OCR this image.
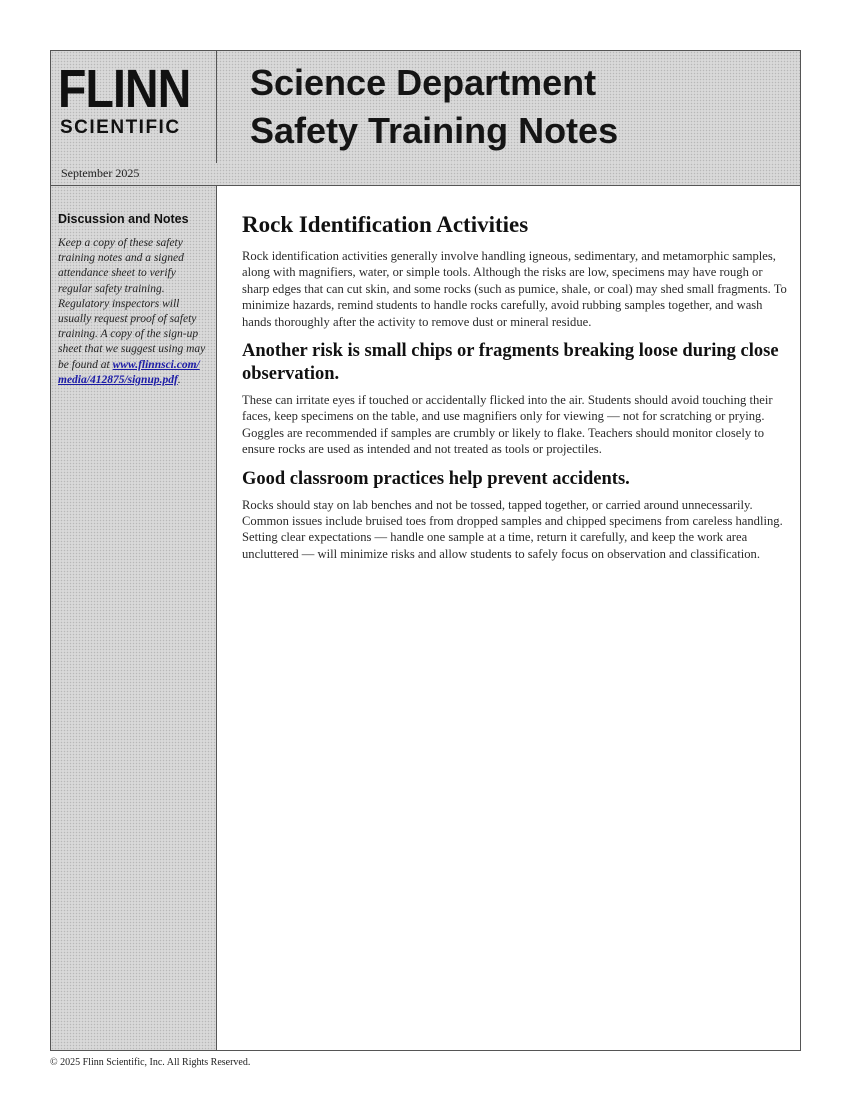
FLINN
SCIENTIFIC
Science Department
Safety Training Notes
September 2025
Discussion and Notes
Keep a copy of these safety training notes and a signed attendance sheet to verify regular safety training. Regulatory inspectors will usually request proof of safety training. A copy of the sign-up sheet that we suggest using may be found at www.flinnsci.com/
media/412875/signup.pdf.
Rock Identification Activities

Rock identification activities generally involve handling igneous, sedimentary, and metamorphic samples, along with magnifiers, water, or simple tools. Although the risks are low, specimens may have rough or sharp edges that can cut skin, and some rocks (such as pumice, shale, or coal) may shed small fragments. To minimize hazards, remind students to handle rocks carefully, avoid rubbing samples together, and wash hands thoroughly after the activity to remove dust or mineral residue.

Another risk is small chips or fragments breaking loose during close observation.

These can irritate eyes if touched or accidentally flicked into the air. Students should avoid touching their faces, keep specimens on the table, and use magnifiers only for viewing — not for scratching or prying. Goggles are recommended if samples are crumbly or likely to flake. Teachers should monitor closely to ensure rocks are used as intended and not treated as tools or projectiles.

Good classroom practices help prevent accidents.

Rocks should stay on lab benches and not be tossed, tapped together, or carried around unnecessarily. Common issues include bruised toes from dropped samples and chipped specimens from careless handling. Setting clear expectations — handle one sample at a time, return it carefully, and keep the work area uncluttered — will minimize risks and allow students to safely focus on observation and classification.

© 2025 Flinn Scientific, Inc. All Rights Reserved.
